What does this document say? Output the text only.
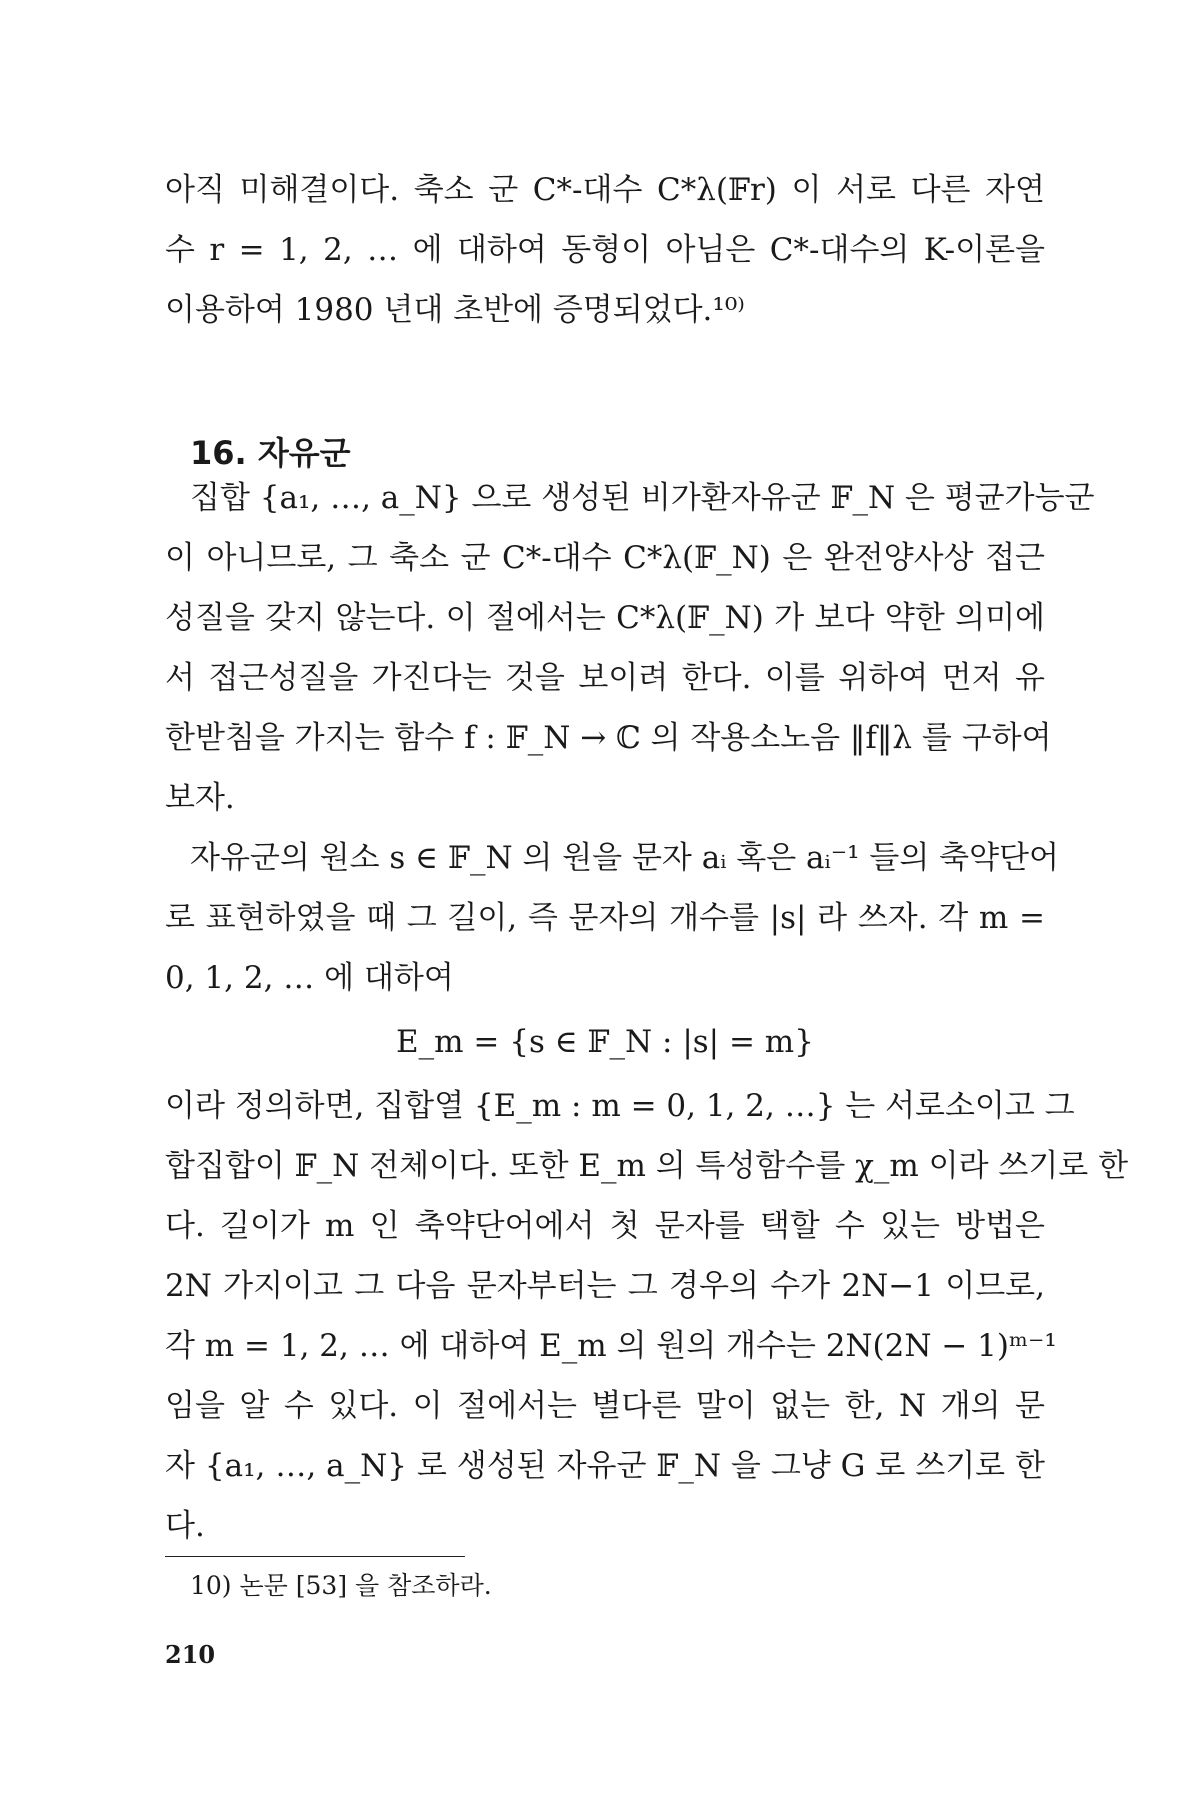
아직 미해결이다. 축소 군 C*-대수 C*λ(𝔽r) 이 서로 다른 자연
수 r = 1, 2, … 에 대하여 동형이 아님은 C*-대수의 K-이론을
이용하여 1980 년대 초반에 증명되었다.¹⁰⁾
16. 자유군
집합 {a₁, …, a_N} 으로 생성된 비가환자유군 𝔽_N 은 평균가능군
이 아니므로, 그 축소 군 C*-대수 C*λ(𝔽_N) 은 완전양사상 접근
성질을 갖지 않는다. 이 절에서는 C*λ(𝔽_N) 가 보다 약한 의미에
서 접근성질을 가진다는 것을 보이려 한다. 이를 위하여 먼저 유
한받침을 가지는 함수 f : 𝔽_N → ℂ 의 작용소노음 ‖f‖λ 를 구하여
보자.
자유군의 원소 s ∈ 𝔽_N 의 원을 문자 aᵢ 혹은 aᵢ⁻¹ 들의 축약단어
로 표현하였을 때 그 길이, 즉 문자의 개수를 |s| 라 쓰자. 각 m =
0, 1, 2, … 에 대하여
E_m = {s ∈ 𝔽_N : |s| = m}
이라 정의하면, 집합열 {E_m : m = 0, 1, 2, …} 는 서로소이고 그
합집합이 𝔽_N 전체이다. 또한 E_m 의 특성함수를 χ_m 이라 쓰기로 한
다. 길이가 m 인 축약단어에서 첫 문자를 택할 수 있는 방법은
2N 가지이고 그 다음 문자부터는 그 경우의 수가 2N−1 이므로,
각 m = 1, 2, … 에 대하여 E_m 의 원의 개수는 2N(2N − 1)ᵐ⁻¹
임을 알 수 있다. 이 절에서는 별다른 말이 없는 한, N 개의 문
자 {a₁, …, a_N} 로 생성된 자유군 𝔽_N 을 그냥 G 로 쓰기로 한
다.
10) 논문 [53] 을 참조하라.
210
